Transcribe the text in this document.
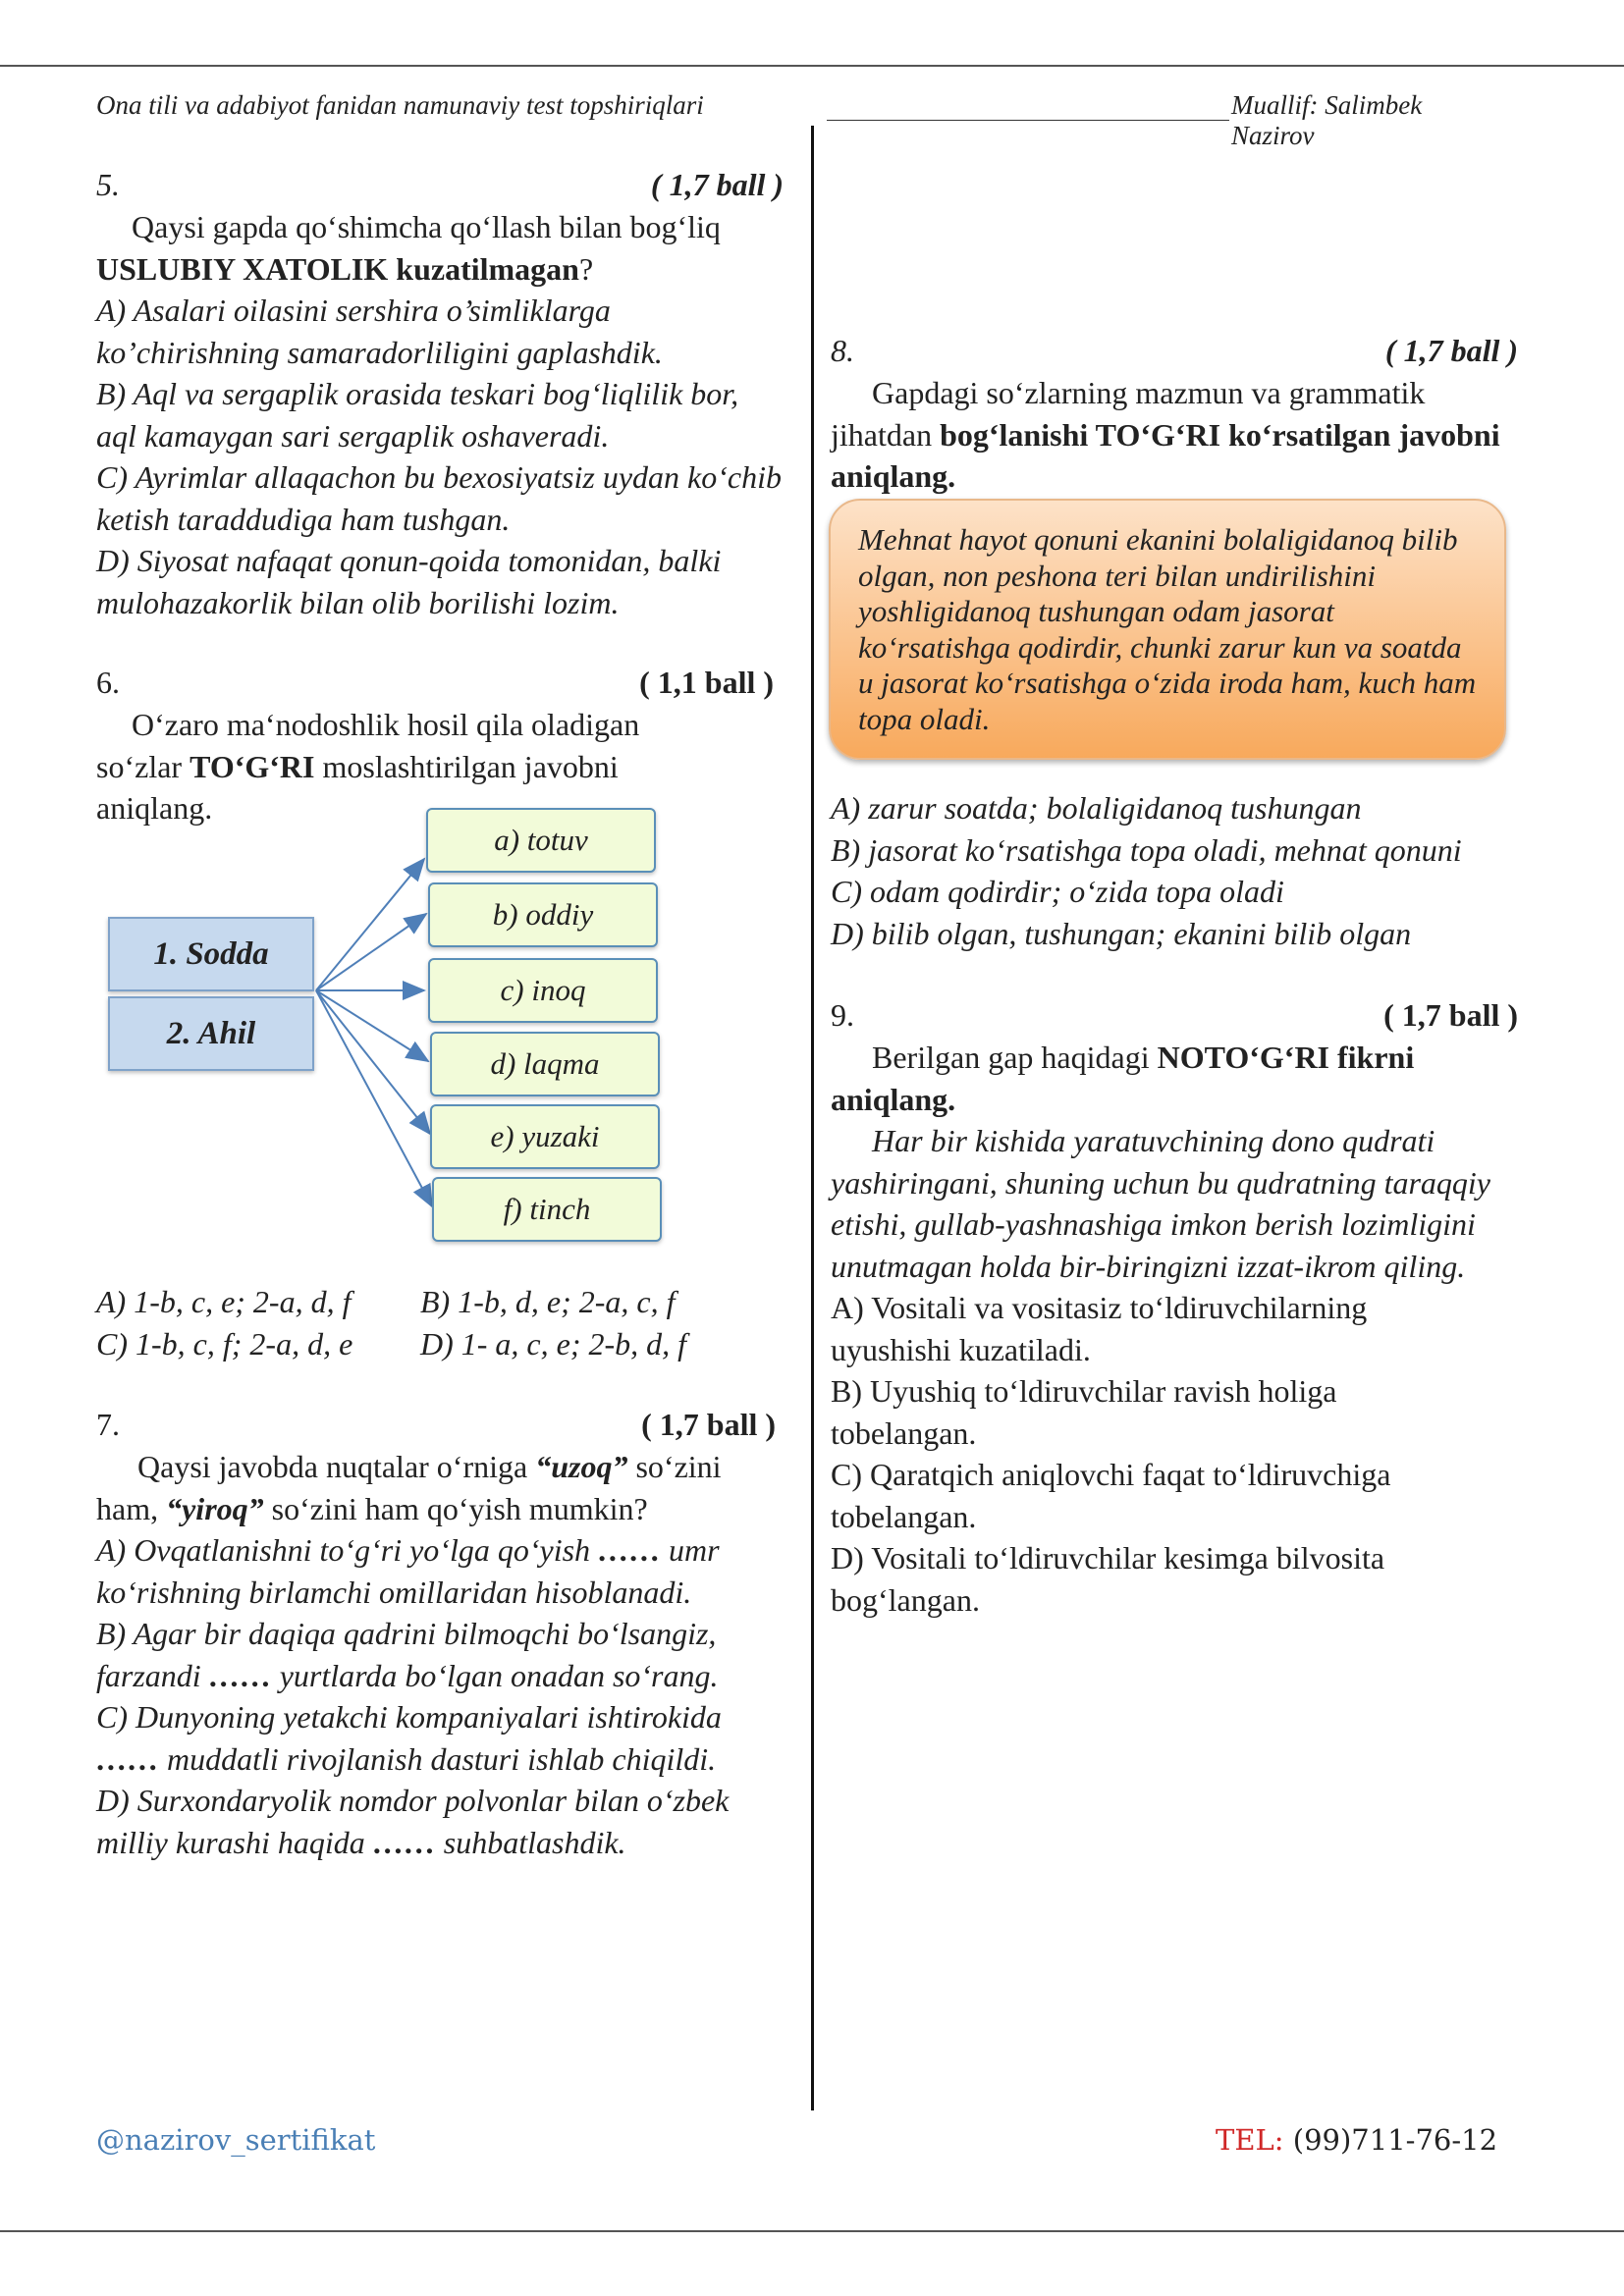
Ona tili va adabiyot fanidan namunaviy test topshiriqlari	Muallif: Salimbek Nazirov
5.	( 1,7 ball )
Qaysi gapda qo‘shimcha qo‘llash bilan bog‘liq USLUBIY XATOLIK kuzatilmagan?

A) Asalari oilasini sershira o’simliklarga ko’chirishning samaradorliligini gaplashdik.

B) Aql va sergaplik orasida teskari bog‘liqlilik bor, aql kamaygan sari sergaplik oshaveradi.

C) Ayrimlar allaqachon bu bexosiyatsiz uydan ko‘chib ketish taraddudiga ham tushgan.

D) Siyosat nafaqat qonun-qoida tomonidan, balki mulohazakorlik bilan olib borilishi lozim.

6.	( 1,1 ball )
O‘zaro ma‘nodoshlik hosil qila oladigan so‘zlar TO‘G‘RI moslashtirilgan javobni aniqlang.
1. Sodda
2. Ahil
a) totuv
b) oddiy
c) inoq
d) laqma
e) yuzaki
f) tinch
A) 1-b, c, e; 2-a, d, f B) 1-b, d, e; 2-a, c, f
C) 1-b, c, f; 2-a, d, e D) 1- a, c, e; 2-b, d, f
7.	( 1,7 ball )
Qaysi javobda nuqtalar o‘rniga “uzoq” so‘zini ham, “yiroq” so‘zini ham qo‘yish mumkin?

A) Ovqatlanishni to‘g‘ri yo‘lga qo‘yish …… umr ko‘rishning birlamchi omillaridan hisoblanadi.

B) Agar bir daqiqa qadrini bilmoqchi bo‘lsangiz, farzandi …… yurtlarda bo‘lgan onadan so‘rang.

C) Dunyoning yetakchi kompaniyalari ishtirokida …… muddatli rivojlanish dasturi ishlab chiqildi.

D) Surxondaryolik nomdor polvonlar bilan o‘zbek milliy kurashi haqida …… suhbatlashdik.

8.	( 1,7 ball )
Gapdagi so‘zlarning mazmun va grammatik jihatdan bog‘lanishi TO‘G‘RI ko‘rsatilgan javobni aniqlang.
Mehnat hayot qonuni ekanini bolaligidanoq bilib olgan, non peshona teri bilan undirilishini yoshligidanoq tushungan odam jasorat ko‘rsatishga qodirdir, chunki zarur kun va soatda u jasorat ko‘rsatishga o‘zida iroda ham, kuch ham topa oladi.

A) zarur soatda; bolaligidanoq tushungan

B) jasorat ko‘rsatishga topa oladi, mehnat qonuni

C) odam qodirdir; o‘zida topa oladi

D) bilib olgan, tushungan; ekanini bilib olgan

9.	( 1,7 ball )
Berilgan gap haqidagi NOTO‘G‘RI fikrni aniqlang.
Har bir kishida yaratuvchining dono qudrati yashiringani, shuning uchun bu qudratning taraqqiy etishi, gullab-yashnashiga imkon berish lozimligini unutmagan holda bir-biringizni izzat-ikrom qiling.

A) Vositali va vositasiz to‘ldiruvchilarning uyushishi kuzatiladi.

B) Uyushiq to‘ldiruvchilar ravish holiga tobelangan.

C) Qaratqich aniqlovchi faqat to‘ldiruvchiga tobelangan.

D) Vositali to‘ldiruvchilar kesimga bilvosita bog‘langan.

@nazirov_sertifikat	TEL: (99)711-76-12
